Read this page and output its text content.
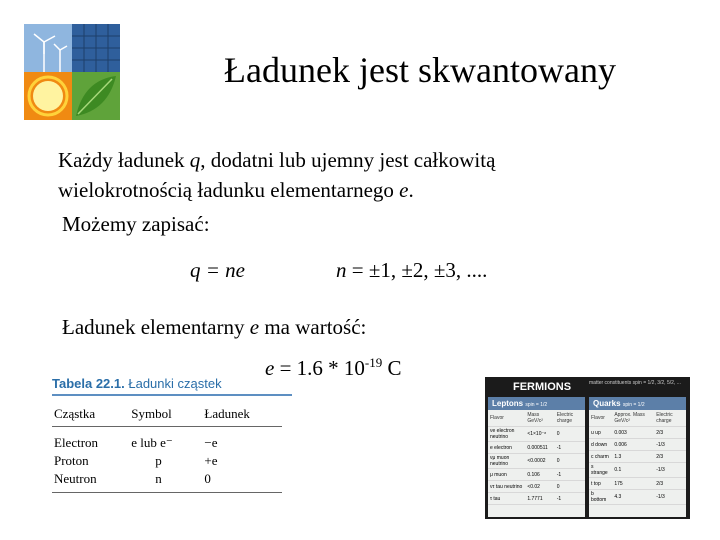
Ładunek jest skwantowany
Każdy ładunek q, dodatni lub ujemny jest całkowitą
wielokrotnością ładunku elementarnego e.
Możemy zapisać:
q = ne	n = ±1, ±2, ±3, ....
Ładunek elementarny e ma wartość:
$e = 1.6 * 10^{-19}$ C
Tabela 22.1. Ładunki cząstek
Cząstka	Symbol	Ładunek
Electron	e lub e⁻	−e
Proton	p	+e
Neutron	n	0
FERMIONS	matter constituents spin = 1/2, 3/2, 5/2, ...
Leptons spin = 1/2
Flavor	Mass GeV/c²	Electric charge
νe electron neutrino	<1×10⁻⁸	0
e electron	0.000511	-1
νμ muon neutrino	<0.0002	0
μ muon	0.106	-1
ντ tau neutrino	<0.02	0
τ tau	1.7771	-1
Quarks spin = 1/2
Flavor	Approx. Mass GeV/c²	Electric charge
u up	0.003	2/3
d down	0.006	-1/3
c charm	1.3	2/3
s strange	0.1	-1/3
t top	175	2/3
b bottom	4.3	-1/3
